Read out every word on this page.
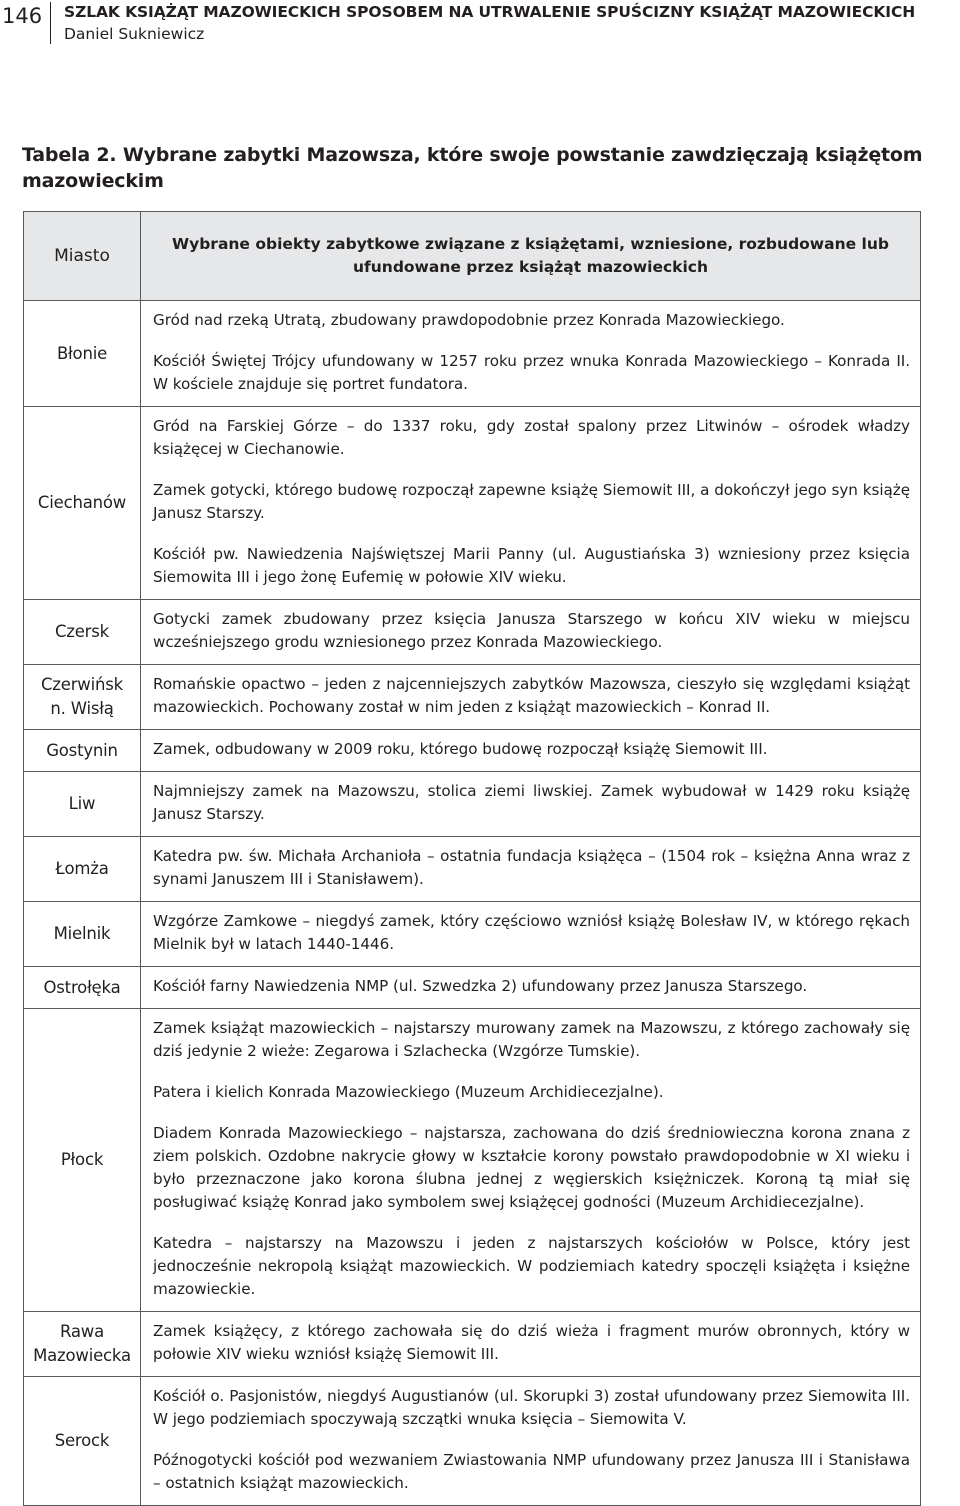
146	SZLAK KSIĄŻĄT MAZOWIECKICH SPOSOBEM NA UTRWALENIE SPUŚCIZNY KSIĄŻĄT MAZOWIECKICH
Daniel Sukniewicz
Tabela 2. Wybrane zabytki Mazowsza, które swoje powstanie zawdzięczają książętom mazowieckim
Miasto	Wybrane obiekty zabytkowe związane z książętami, wzniesione, rozbudowane lub ufundowane przez książąt mazowieckich
Błonie	Gród nad rzeką Utratą, zbudowany prawdopodobnie przez Konrada Mazowieckiego.

Kościół Świętej Trójcy ufundowany w 1257 roku przez wnuka Konrada Mazowieckiego – Konrada II. W kościele znajduje się portret fundatora.

Ciechanów	Gród na Farskiej Górze – do 1337 roku, gdy został spalony przez Litwinów – ośrodek władzy książęcej w Ciechanowie.

Zamek gotycki, którego budowę rozpoczął zapewne książę Siemowit III, a dokończył jego syn książę Janusz Starszy.

Kościół pw. Nawiedzenia Najświętszej Marii Panny (ul. Augustiańska 3) wzniesiony przez księcia Siemowita III i jego żonę Eufemię w połowie XIV wieku.

Czersk	Gotycki zamek zbudowany przez księcia Janusza Starszego w końcu XIV wieku w miejscu wcześniejszego grodu wzniesionego przez Konrada Mazowieckiego.

Czerwińsk
n. Wisłą	Romańskie opactwo – jeden z najcenniejszych zabytków Mazowsza, cieszyło się względami książąt mazowieckich. Pochowany został w nim jeden z książąt mazowieckich – Konrad II.

Gostynin	Zamek, odbudowany w 2009 roku, którego budowę rozpoczął książę Siemowit III.

Liw	Najmniejszy zamek na Mazowszu, stolica ziemi liwskiej. Zamek wybudował w 1429 roku książę Janusz Starszy.

Łomża	Katedra pw. św. Michała Archanioła – ostatnia fundacja książęca – (1504 rok – księżna Anna wraz z synami Januszem III i Stanisławem).

Mielnik	Wzgórze Zamkowe – niegdyś zamek, który częściowo wzniósł książę Bolesław IV, w którego rękach Mielnik był w latach 1440-1446.

Ostrołęka	Kościół farny Nawiedzenia NMP (ul. Szwedzka 2) ufundowany przez Janusza Starszego.

Płock	Zamek książąt mazowieckich – najstarszy murowany zamek na Mazowszu, z którego zachowały się dziś jedynie 2 wieże: Zegarowa i Szlachecka (Wzgórze Tumskie).

Patera i kielich Konrada Mazowieckiego (Muzeum Archidiecezjalne).

Diadem Konrada Mazowieckiego – najstarsza, zachowana do dziś średniowieczna korona znana z ziem polskich. Ozdobne nakrycie głowy w kształcie korony powstało prawdopodobnie w XI wieku i było przeznaczone jako korona ślubna jednej z węgierskich księżniczek. Koroną tą miał się posługiwać książę Konrad jako symbolem swej książęcej godności (Muzeum Archidiecezjalne).

Katedra – najstarszy na Mazowszu i jeden z najstarszych kościołów w Polsce, który jest jednocześnie nekropolą książąt mazowieckich. W podziemiach katedry spoczęli książęta i księżne mazowieckie.

Rawa
Mazowiecka	Zamek książęcy, z którego zachowała się do dziś wieża i fragment murów obronnych, który w połowie XIV wieku wzniósł książę Siemowit III.

Serock	Kościół o. Pasjonistów, niegdyś Augustianów (ul. Skorupki 3) został ufundowany przez Siemowita III. W jego podziemiach spoczywają szczątki wnuka księcia – Siemowita V.

Późnogotycki kościół pod wezwaniem Zwiastowania NMP ufundowany przez Janusza III i Stanisława – ostatnich książąt mazowieckich.
